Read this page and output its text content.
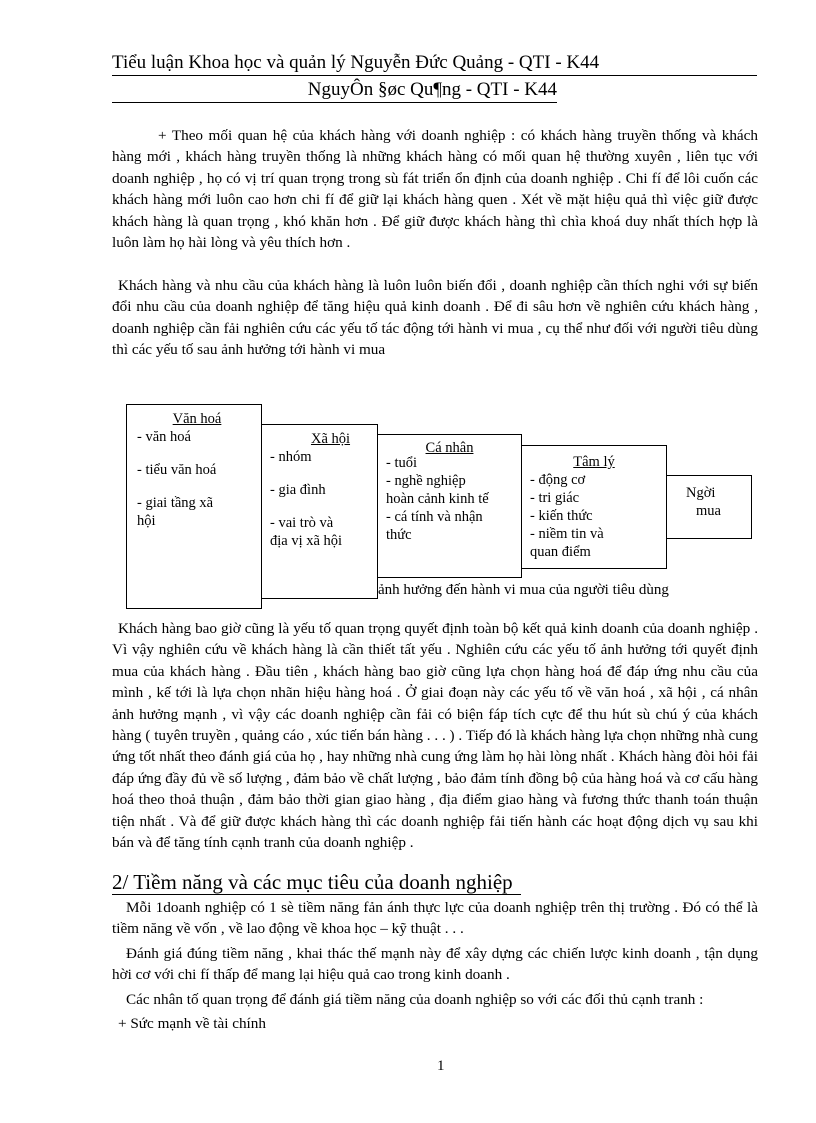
Tiểu luận Khoa học và quản lý Nguyễn Đức Quảng - QTI - K44
NguyÔn §øc Qu¶ng - QTI - K44

+ Theo mối quan hệ của khách hàng với doanh nghiệp : có khách hàng truyền thống và khách hàng mới , khách hàng truyền thống là những khách hàng có mối quan hệ thường xuyên , liên tục với doanh nghiệp , họ có vị trí quan trọng trong sù fát triển ổn định của doanh nghiệp . Chi fí để lôi cuốn các khách hàng mới luôn cao hơn chi fí để giữ lại khách hàng quen . Xét về mặt hiệu quả thì việc giữ được khách hàng là quan trọng , khó khăn hơn . Để giữ được khách hàng thì chìa khoá duy nhất thích hợp là luôn làm họ hài lòng và yêu thích hơn .

Khách hàng và nhu cầu của khách hàng là luôn luôn biến đổi , doanh nghiệp cần thích nghi với sự biến đổi nhu cầu của doanh nghiệp để tăng hiệu quả kinh doanh . Để đi sâu hơn về nghiên cứu khách hàng , doanh nghiệp cần fải nghiên cứu các yếu tố tác động tới hành vi mua , cụ thể như đối với người tiêu dùng thì các yếu tố sau ảnh hưởng tới hành vi mua

ảnh hưởng đến hành vi mua của người tiêu dùng
Văn hoá
- văn hoá
- tiểu văn hoá
- giai tầng xã
hội
Xã hội
- nhóm
- gia đình
- vai trò và
địa vị xã hội
Cá nhân
- tuổi
- nghề nghiệp
hoàn cảnh kinh tế
- cá tính và nhận
thức
Tâm lý
- động cơ
- tri giác
- kiến thức
- niềm tin và
quan điểm
Ngời
mua

Khách hàng bao giờ cũng là yếu tố quan trọng quyết định toàn bộ kết quả kinh doanh của doanh nghiệp . Vì vậy nghiên cứu về khách hàng là cần thiết tất yếu . Nghiên cứu các yếu tố ảnh hưởng tới quyết định mua của khách hàng . Đầu tiên , khách hàng bao giờ cũng lựa chọn hàng hoá để đáp ứng nhu cầu của mình , kế tới là lựa chọn nhãn hiệu hàng hoá . Ở giai đoạn này các yếu tố về văn hoá , xã hội , cá nhân ảnh hưởng mạnh , vì vậy các doanh nghiệp cần fải có biện fáp tích cực để thu hút sù chú ý của khách hàng ( tuyên truyền , quảng cáo , xúc tiến bán hàng . . . ) . Tiếp đó là khách hàng lựa chọn những nhà cung ứng tốt nhất theo đánh giá của họ , hay những nhà cung ứng làm họ hài lòng nhất . Khách hàng đòi hỏi fải đáp ứng đầy đủ về số lượng , đảm bảo về chất lượng , bảo đảm tính đồng bộ của hàng hoá và cơ cấu hàng hoá theo thoả thuận , đảm bảo thời gian giao hàng , địa điểm giao hàng và fương thức thanh toán thuận tiện nhất . Và để giữ được khách hàng thì các doanh nghiệp fải tiến hành các hoạt động dịch vụ sau khi bán và để tăng tính cạnh tranh của doanh nghiệp .

2/ Tiềm năng và các mục tiêu của doanh nghiệp

Mỗi 1doanh nghiệp có 1 sè tiềm năng fản ánh thực lực của doanh nghiệp trên thị trường . Đó có thể là tiềm năng về vốn , về lao động về khoa học – kỹ thuật . . .

Đánh giá đúng tiềm năng , khai thác thế mạnh này để xây dựng các chiến lược kinh doanh , tận dụng hời cơ với chi fí thấp để mang lại hiệu quả cao trong kinh doanh .

Các nhân tố quan trọng để đánh giá tiềm năng của doanh nghiệp so với các đối thủ cạnh tranh :

+ Sức mạnh về tài chính

1
